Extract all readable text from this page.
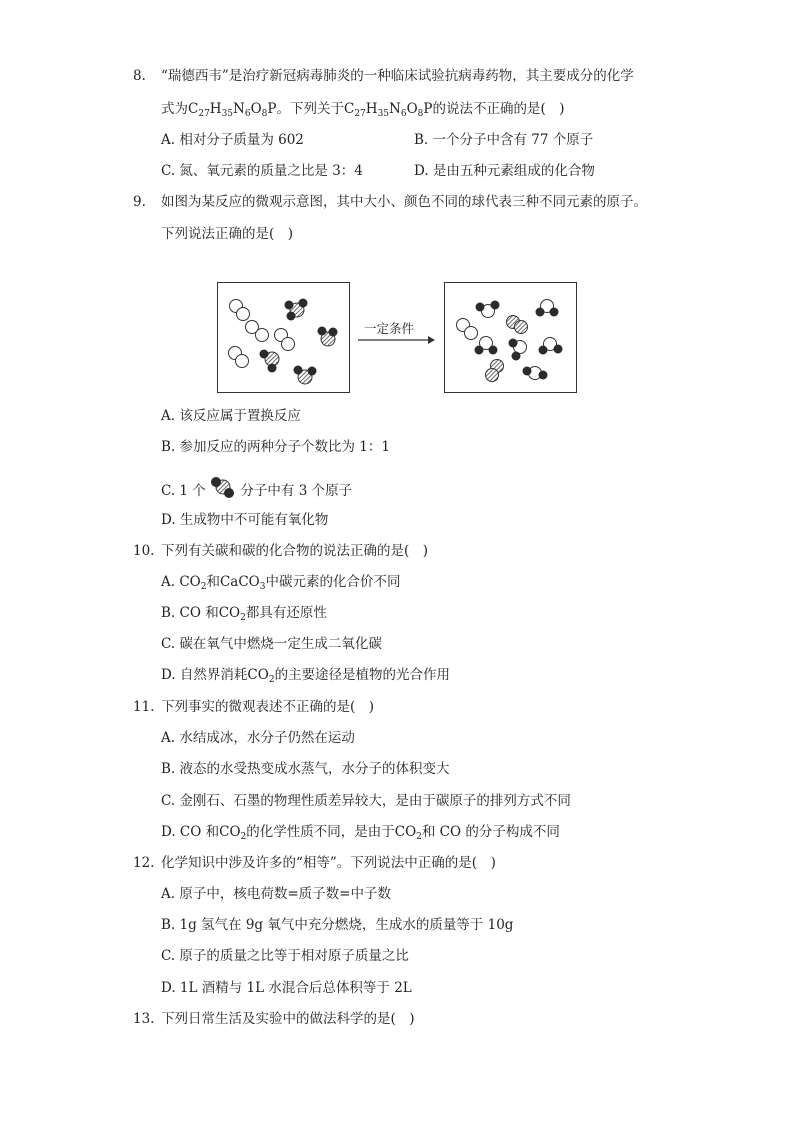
8. “瑞德西韦”是治疗新冠病毒肺炎的一种临床试验抗病毒药物，其主要成分的化学
式为$C_{27}H_{35}N_6O_8P$。下列关于$C_{27}H_{35}N_6O_8P$的说法不正确的是(　)
A. 相对分子质量为 602	B. 一个分子中含有 77 个原子
C. 氮、氧元素的质量之比是 3：4	D. 是由五种元素组成的化合物
9. 如图为某反应的微观示意图，其中大小、颜色不同的球代表三种不同元素的原子。
下列说法正确的是(　)
一定条件
A. 该反应属于置换反应
B. 参加反应的两种分子个数比为 1：1
C. 1 个	分子中有 3 个原子
D. 生成物中不可能有氧化物
10. 下列有关碳和碳的化合物的说法正确的是(　)
A. $CO_2$和CaCO$_3$中碳元素的化合价不同
B. CO 和$CO_2$都具有还原性
C. 碳在氧气中燃烧一定生成二氧化碳
D. 自然界消耗$CO_2$的主要途径是植物的光合作用
11. 下列事实的微观表述不正确的是(　)
A. 水结成冰，水分子仍然在运动
B. 液态的水受热变成水蒸气，水分子的体积变大
C. 金刚石、石墨的物理性质差异较大，是由于碳原子的排列方式不同
D. CO 和$CO_2$的化学性质不同，是由于$CO_2$和 CO 的分子构成不同
12. 化学知识中涉及许多的“相等”。下列说法中正确的是(　)
A. 原子中，核电荷数=质子数=中子数
B. 1g 氢气在 9g 氧气中充分燃烧，生成水的质量等于 10g
C. 原子的质量之比等于相对原子质量之比
D. 1L 酒精与 1L 水混合后总体积等于 2L
13. 下列日常生活及实验中的做法科学的是(　)
